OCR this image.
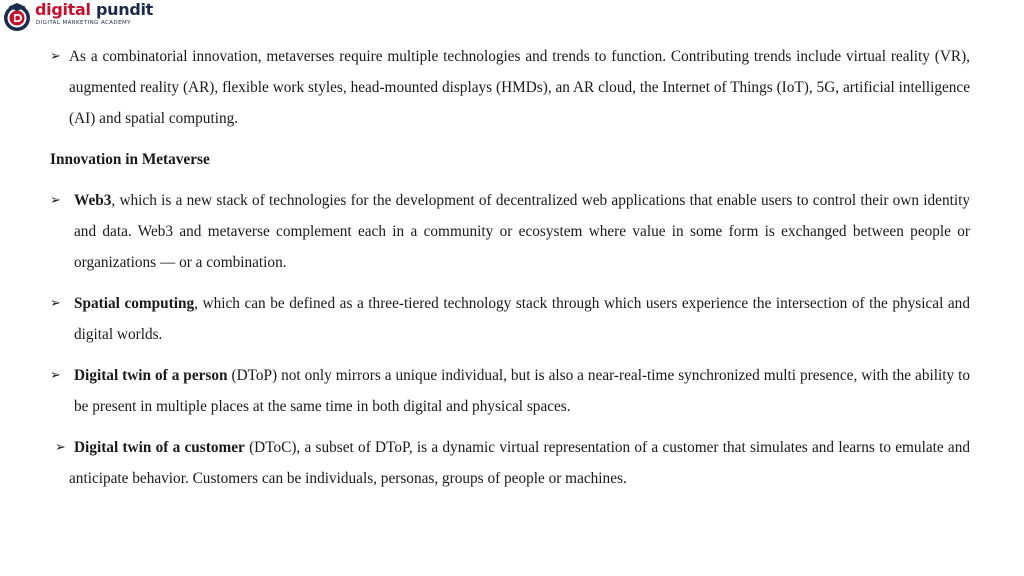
digital pundit
DIGITAL MARKETING ACADEMY
➢ As a combinatorial innovation, metaverses require multiple technologies and trends to function. Contributing trends include virtual reality (VR), augmented reality (AR), flexible work styles, head-mounted displays (HMDs), an AR cloud, the Internet of Things (IoT), 5G, artificial intelligence (AI) and spatial computing.
Innovation in Metaverse
➢ Web3, which is a new stack of technologies for the development of decentralized web applications that enable users to control their own identity and data. Web3 and metaverse complement each in a community or ecosystem where value in some form is exchanged between people or organizations — or a combination.
➢ Spatial computing, which can be defined as a three-tiered technology stack through which users experience the intersection of the physical and digital worlds.
➢ Digital twin of a person (DToP) not only mirrors a unique individual, but is also a near-real-time synchronized multi presence, with the ability to be present in multiple places at the same time in both digital and physical spaces.
➢ Digital twin of a customer (DToC), a subset of DToP, is a dynamic virtual representation of a customer that simulates and learns to emulate and anticipate behavior. Customers can be individuals, personas, groups of people or machines.
